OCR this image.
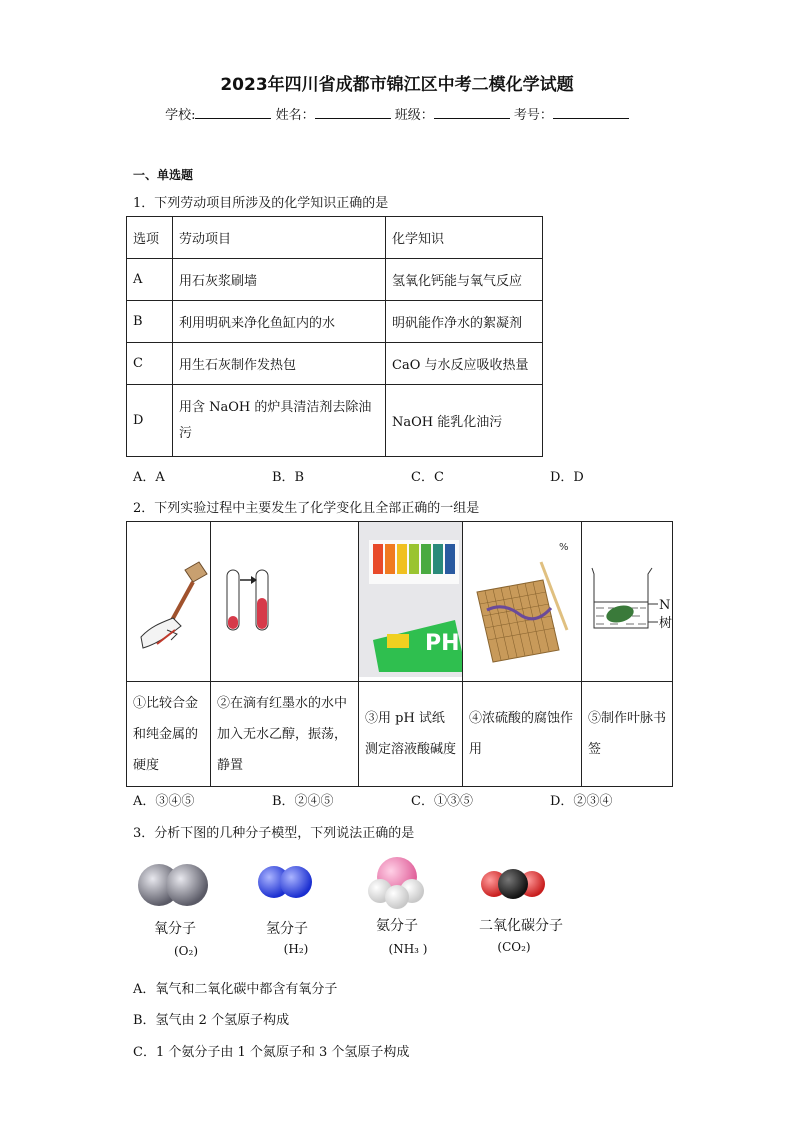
2023年四川省成都市锦江区中考二模化学试题
学校:	姓名：	班级：	考号：
一、单选题
1．下列劳动项目所涉及的化学知识正确的是
选项	劳动项目	化学知识
A	用石灰浆刷墙	氢氧化钙能与氧气反应
B	利用明矾来净化鱼缸内的水	明矾能作净水的絮凝剂
C	用生石灰制作发热包	CaO 与水反应吸收热量
D	用含 NaOH 的炉具清洁剂去除油污	NaOH 能乳化油污
A．A	B．B	C．C	D．D
2．下列实验过程中主要发生了化学变化且全部正确的一组是

PH	%	N
树

①比较合金和纯金属的硬度	②在滴有红墨水的水中加入无水乙醇，振荡，静置	③用 pH 试纸测定溶液酸碱度	④浓硫酸的腐蚀作用	⑤制作叶脉书签
A．③④⑤	B．②④⑤	C．①③⑤	D．②③④
3．分析下图的几种分子模型，下列说法正确的是
氧分子	氢分子	氨分子	二氧化碳分子
(O₂)	(H₂)	(NH₃ )	(CO₂)
A．氧气和二氧化碳中都含有氧分子
B．氢气由 2 个氢原子构成
C．1 个氨分子由 1 个氮原子和 3 个氢原子构成
